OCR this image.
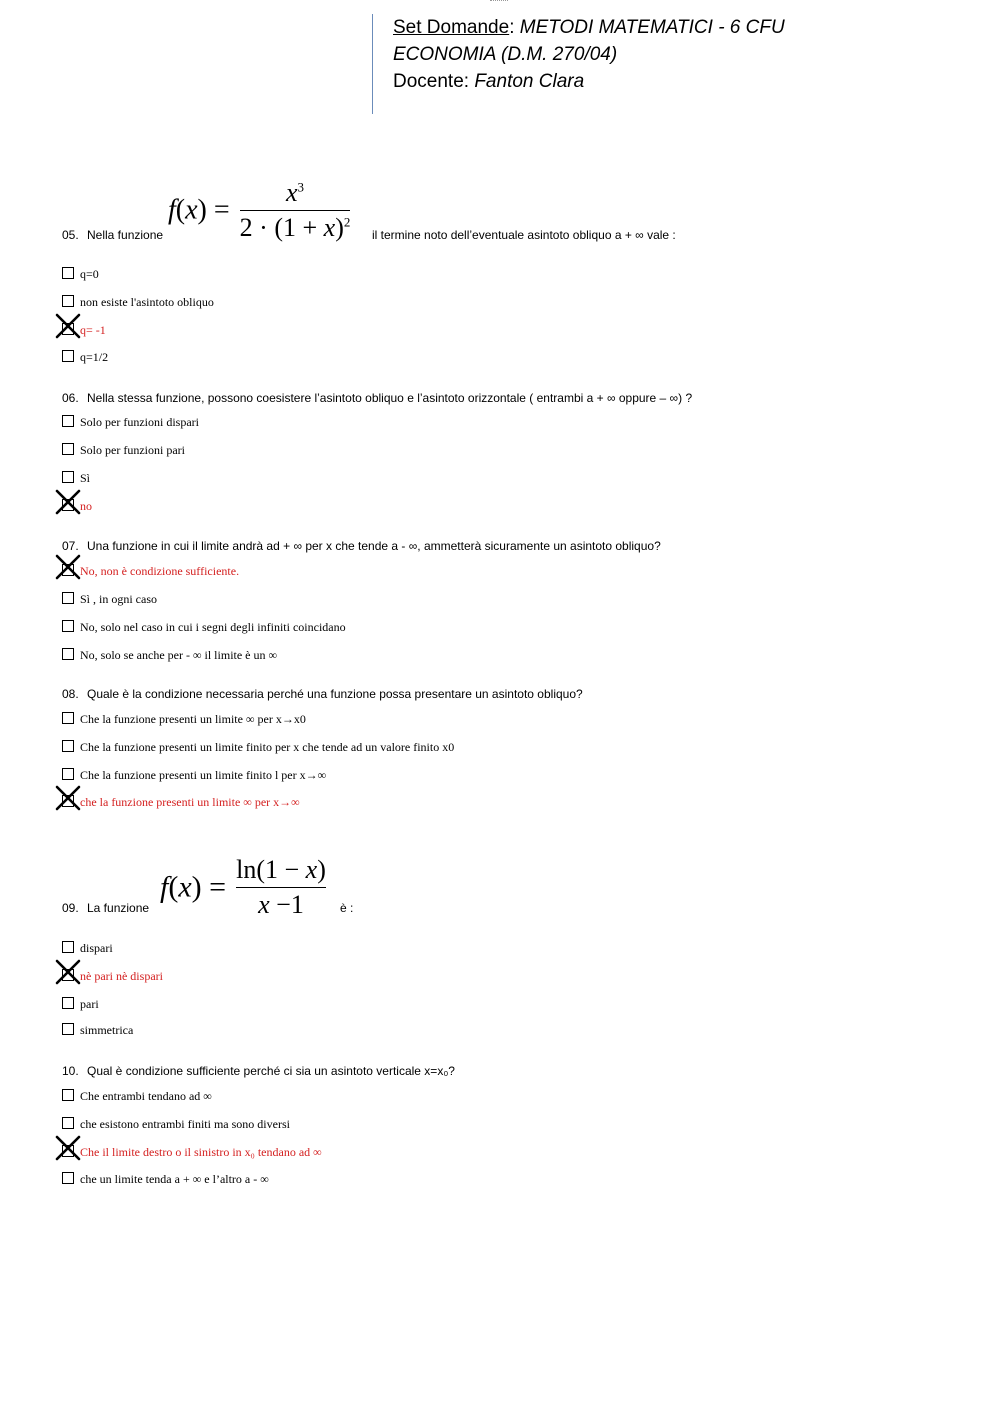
Set Domande: METODI MATEMATICI - 6 CFU
ECONOMIA (D.M. 270/04)
Docente: Fanton Clara
$f(x) = \frac{x^3}{2 \cdot (1 + x)^2}$
05. Nella funzione	il termine noto dell’eventuale asintoto obliquo a + ∞ vale :
q=0
non esiste l'asintoto obliquo
q= -1
q=1/2
Solo per funzioni dispari
Solo per funzioni pari
Sì
no
No, non è condizione sufficiente.
Sì , in ogni caso
No, solo nel caso in cui i segni degli infiniti coincidano
No, solo se anche per - ∞ il limite è un ∞
Che la funzione presenti un limite ∞ per x→x0
Che la funzione presenti un limite finito per x che tende ad un valore finito x0
Che la funzione presenti un limite finito l per x→∞
che la funzione presenti un limite ∞ per x→∞
dispari
nè pari nè dispari
pari
simmetrica
Che entrambi tendano ad ∞
che esistono entrambi finiti ma sono diversi
Che il limite destro o il sinistro in x₀ tendano ad ∞
che un limite tenda a + ∞ e l’altro a - ∞
06. Nella stessa funzione, possono coesistere l’asintoto obliquo e l’asintoto orizzontale ( entrambi a + ∞ oppure – ∞) ?
07. Una funzione in cui il limite andrà ad + ∞ per x che tende a - ∞, ammetterà sicuramente un asintoto obliquo?
08. Quale è la condizione necessaria perché una funzione possa presentare un asintoto obliquo?
$f(x) = \frac{\ln(1 - x)}{x -1}$
09. La funzione	è :
10. Qual è condizione sufficiente perché ci sia un asintoto verticale x=x₀?
